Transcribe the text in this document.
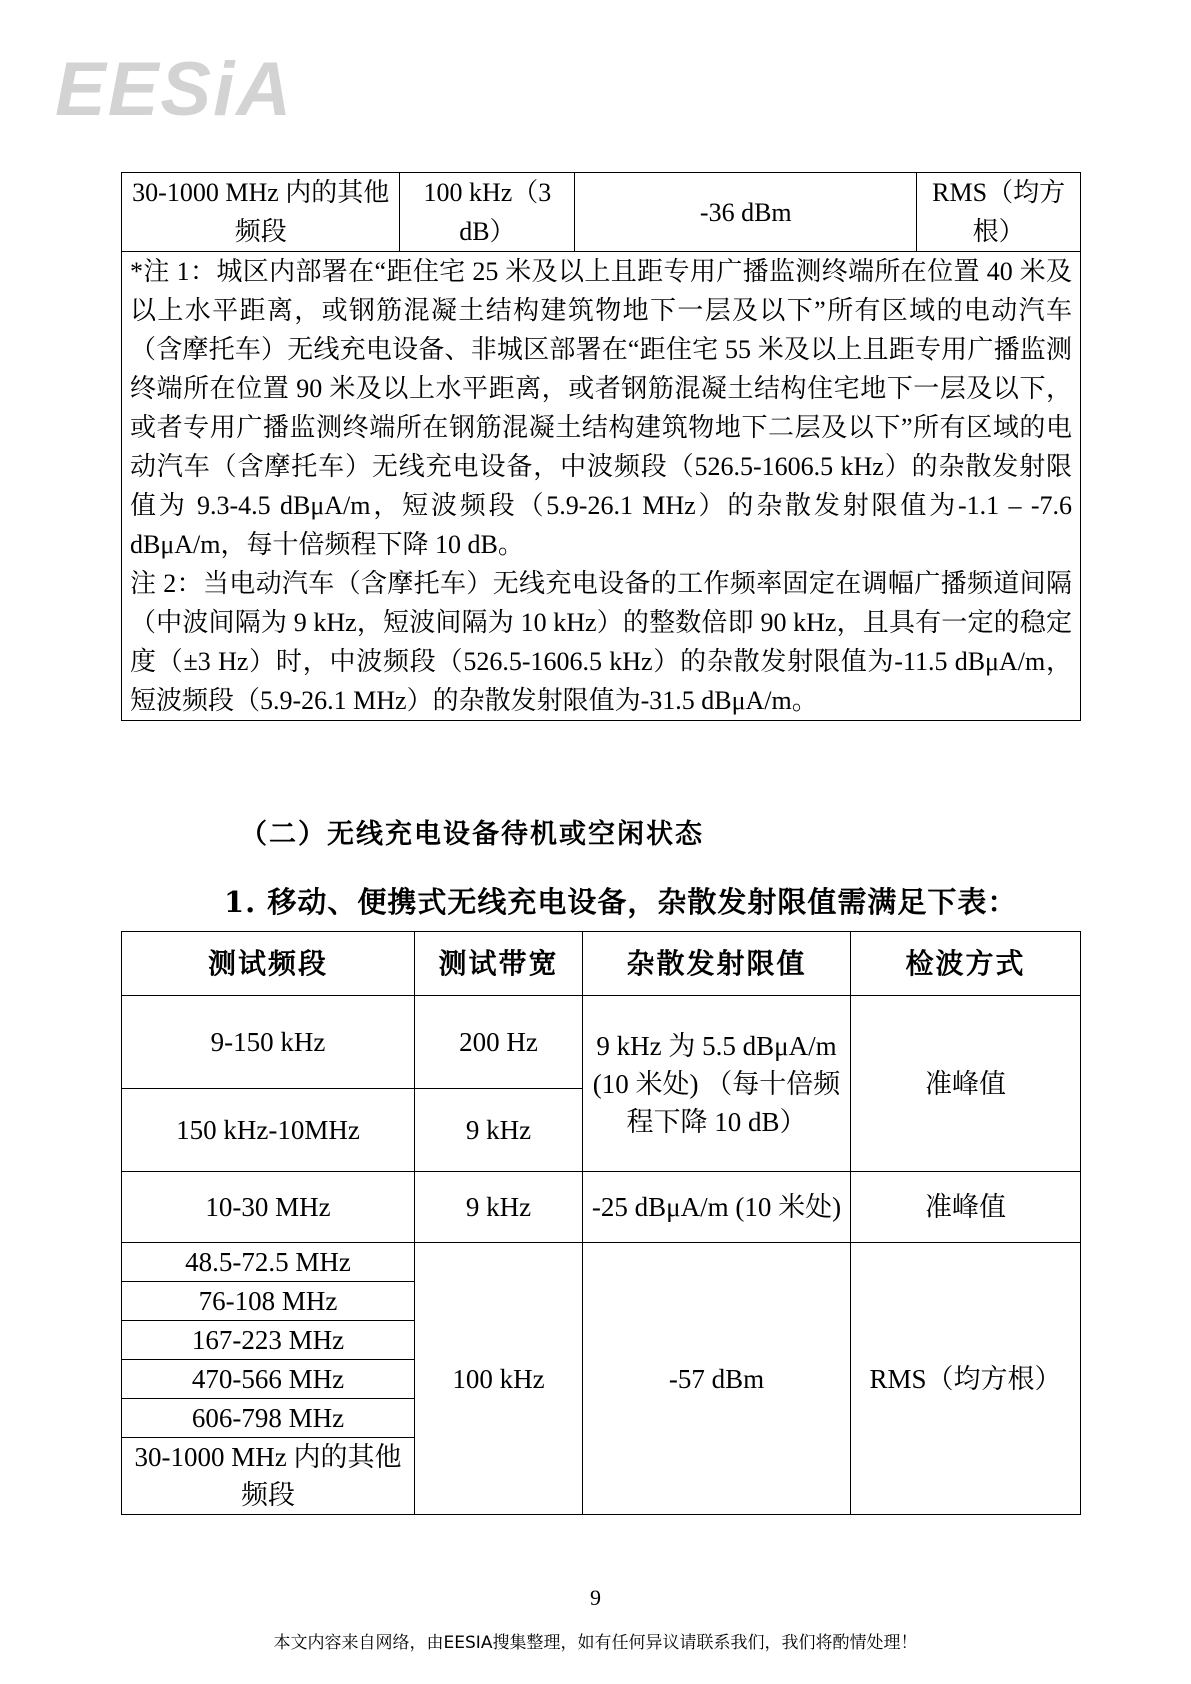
EESiA
30-1000 MHz 内的其他频段	100 kHz（3 dB）	-36 dBm	RMS（均方根）

*注 1：城区内部署在“距住宅 25 米及以上且距专用广播监测终端所在位置 40 米及以上水平距离，或钢筋混凝土结构建筑物地下一层及以下”所有区域的电动汽车（含摩托车）无线充电设备、非城区部署在“距住宅 55 米及以上且距专用广播监测终端所在位置 90 米及以上水平距离，或者钢筋混凝土结构住宅地下一层及以下，或者专用广播监测终端所在钢筋混凝土结构建筑物地下二层及以下”所有区域的电动汽车（含摩托车）无线充电设备，中波频段（526.5-1606.5 kHz）的杂散发射限值为 9.3-4.5 dBμA/m，短波频段（5.9-26.1 MHz）的杂散发射限值为-1.1 – -7.6 dBμA/m，每十倍频程下降 10 dB。
注 2：当电动汽车（含摩托车）无线充电设备的工作频率固定在调幅广播频道间隔（中波间隔为 9 kHz，短波间隔为 10 kHz）的整数倍即 90 kHz，且具有一定的稳定度（±3 Hz）时，中波频段（526.5-1606.5 kHz）的杂散发射限值为-11.5 dBμA/m，短波频段（5.9-26.1 MHz）的杂散发射限值为-31.5 dBμA/m。
（二）无线充电设备待机或空闲状态
1. 移动、便携式无线充电设备，杂散发射限值需满足下表：
测试频段	测试带宽	杂散发射限值	检波方式
9-150 kHz	200 Hz	9 kHz 为 5.5 dBμA/m (10 米处) （每十倍频程下降 10 dB）	准峰值
150 kHz-10MHz	9 kHz		
10-30 MHz	9 kHz	-25 dBμA/m (10 米处)	准峰值
48.5-72.5 MHz	100 kHz	-57 dBm	RMS（均方根）
76-108 MHz			
167-223 MHz			
470-566 MHz			
606-798 MHz			
30-1000 MHz 内的其他频段			
9
本文内容来自网络，由EESIA搜集整理，如有任何异议请联系我们，我们将酌情处理！
